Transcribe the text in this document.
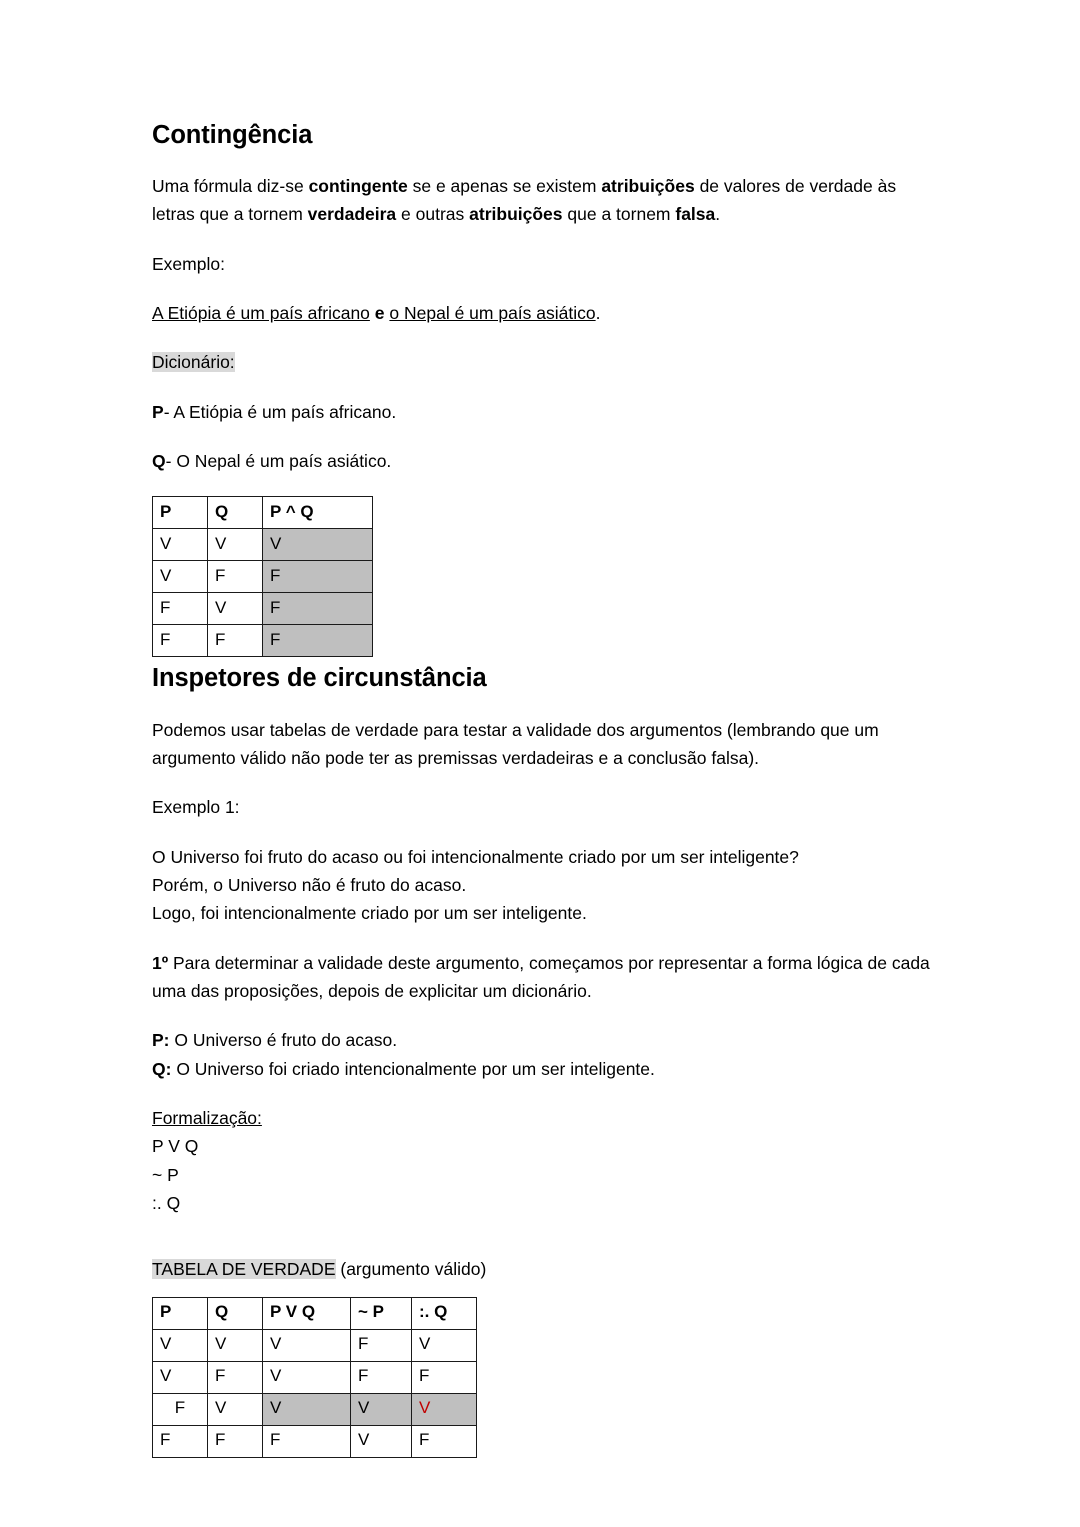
Contingência

Uma fórmula diz-se contingente se e apenas se existem atribuições de valores de verdade às letras que a tornem verdadeira e outras atribuições que a tornem falsa.

Exemplo:

A Etiópia é um país africano e o Nepal é um país asiático.

Dicionário:

P- A Etiópia é um país africano.

Q- O Nepal é um país asiático.

P	Q	P ^ Q
V	V	V
V	F	F
F	V	F
F	F	F
Inspetores de circunstância

Podemos usar tabelas de verdade para testar a validade dos argumentos (lembrando que um argumento válido não pode ter as premissas verdadeiras e a conclusão falsa).

Exemplo 1:

O Universo foi fruto do acaso ou foi intencionalmente criado por um ser inteligente?
Porém, o Universo não é fruto do acaso.
Logo, foi intencionalmente criado por um ser inteligente.

1º Para determinar a validade deste argumento, começamos por representar a forma lógica de cada uma das proposições, depois de explicitar um dicionário.

P: O Universo é fruto do acaso.
Q: O Universo foi criado intencionalmente por um ser inteligente.
Formalização:
P V Q
~ P
:. Q

TABELA DE VERDADE (argumento válido)

P	Q	P V Q	~ P	:. Q
V	V	V	F	V
V	F	V	F	F
F	V	V	V	V
F	F	F	V	F
